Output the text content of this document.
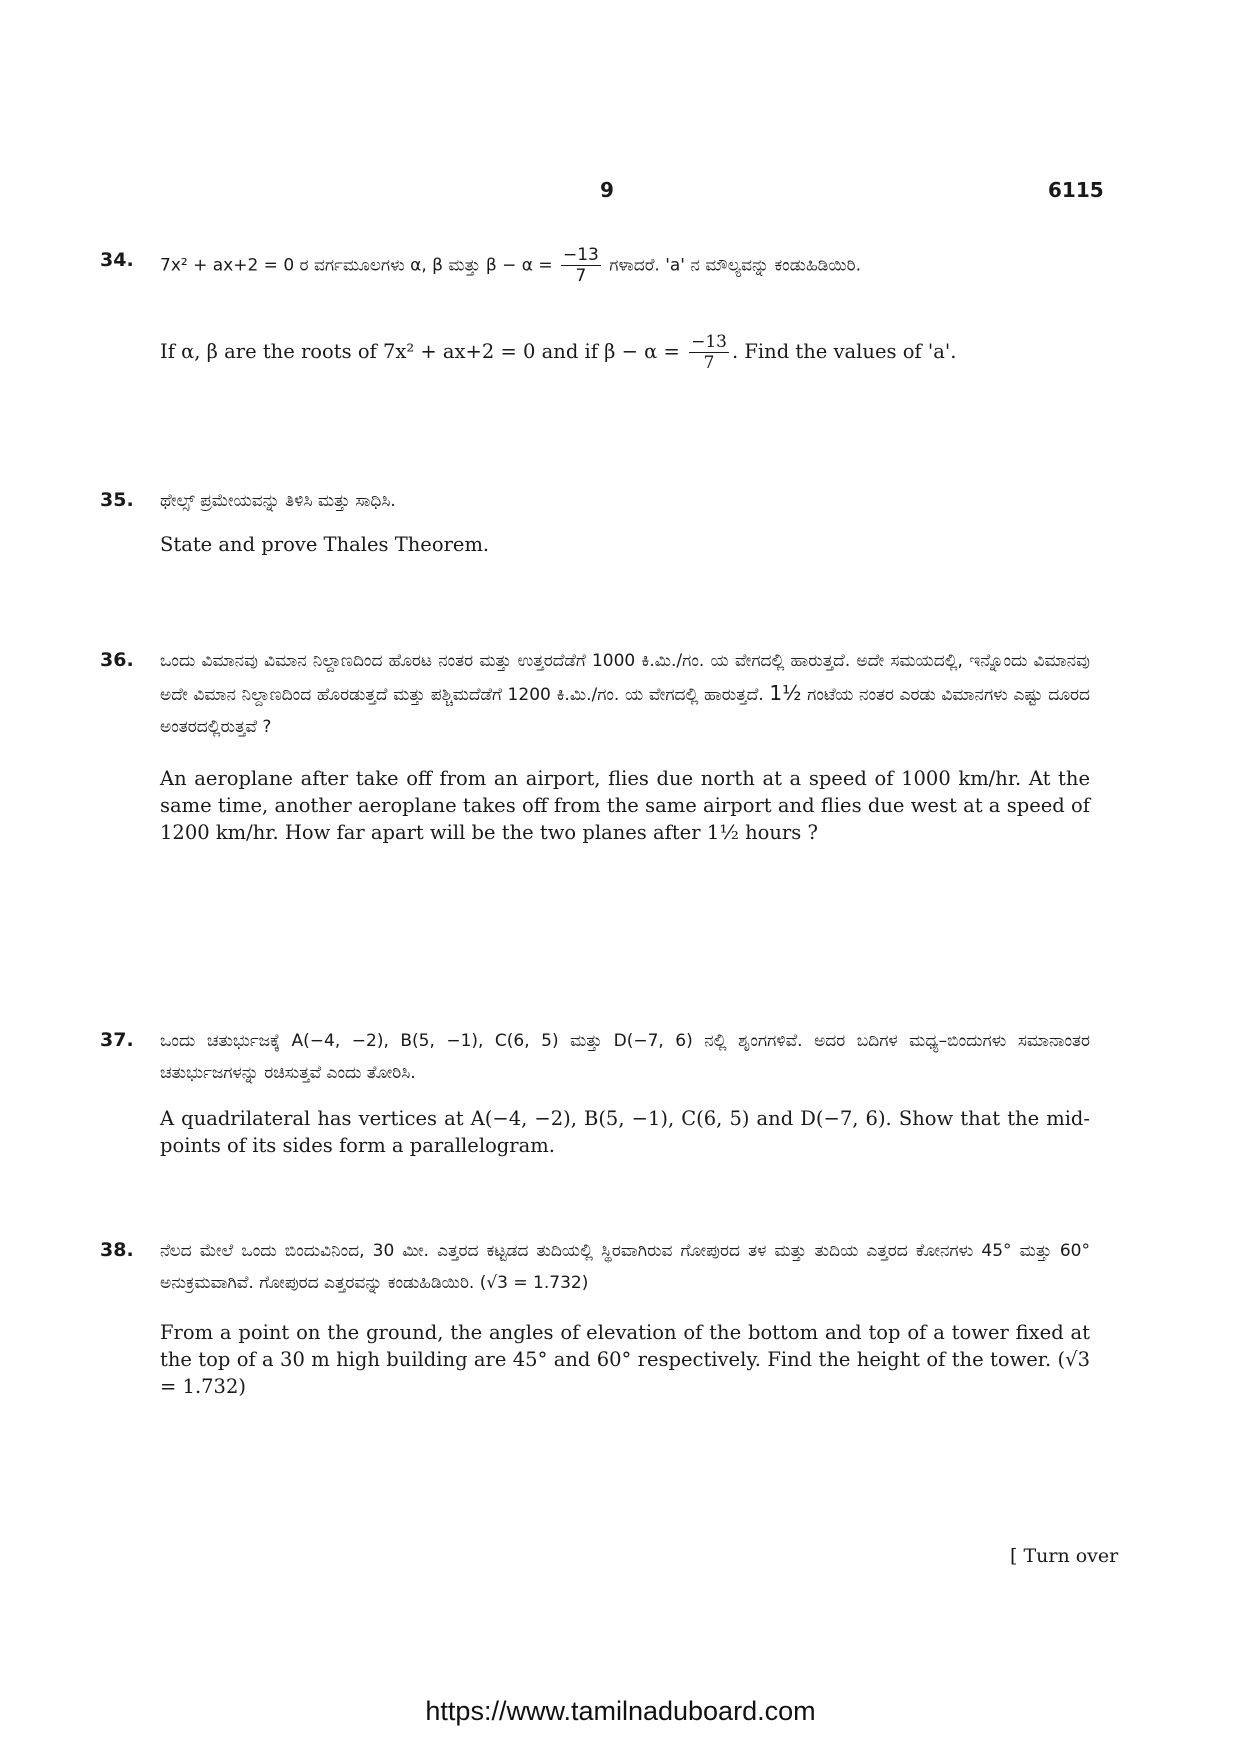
9	6115
34. 7x² + ax+2 = 0 ರ ವರ್ಗಮೂಲಗಳು α, β ಮತ್ತು $\beta - \alpha = \frac{-13}{7}$ ಗಳಾದರೆ. 'a' ನ ಮೌಲ್ಯವನ್ನು ಕಂಡುಹಿಡಿಯಿರಿ.
If α, β are the roots of 7x² + ax+2 = 0 and if $\beta - \alpha = \frac{-13}{7}$ . Find the values of 'a'.
35. ಥೇಲ್ಸ್ ಪ್ರಮೇಯವನ್ನು ತಿಳಿಸಿ ಮತ್ತು ಸಾಧಿಸಿ.
State and prove Thales Theorem.
36. ಒಂದು ವಿಮಾನವು ವಿಮಾನ ನಿಲ್ದಾಣದಿಂದ ಹೊರಟ ನಂತರ ಮತ್ತು ಉತ್ತರದೆಡೆಗೆ 1000 ಕಿ.ಮಿ./ಗಂ. ಯ ವೇಗದಲ್ಲಿ ಹಾರುತ್ತದೆ. ಅದೇ ಸಮಯದಲ್ಲಿ, ಇನ್ನೊಂದು ವಿಮಾನವು ಅದೇ ವಿಮಾನ ನಿಲ್ದಾಣದಿಂದ ಹೊರಡುತ್ತದೆ ಮತ್ತು ಪಶ್ಚಿಮದೆಡೆಗೆ 1200 ಕಿ.ಮಿ./ಗಂ. ಯ ವೇಗದಲ್ಲಿ ಹಾರುತ್ತದೆ. 1½ ಗಂಟೆಯ ನಂತರ ಎರಡು ವಿಮಾನಗಳು ಎಷ್ಟು ದೂರದ ಅಂತರದಲ್ಲಿರುತ್ತವೆ ?
An aeroplane after take off from an airport, flies due north at a speed of 1000 km/hr. At the same time, another aeroplane takes off from the same airport and flies due west at a speed of 1200 km/hr. How far apart will be the two planes after 1½ hours ?
37. ಒಂದು ಚತುರ್ಭುಜಕ್ಕೆ A(−4, −2), B(5, −1), C(6, 5) ಮತ್ತು D(−7, 6) ನಲ್ಲಿ ಶೃಂಗಗಳಿವೆ. ಅದರ ಬದಿಗಳ ಮಧ್ಯ–ಬಿಂದುಗಳು ಸಮಾನಾಂತರ ಚತುರ್ಭುಜಗಳನ್ನು ರಚಿಸುತ್ತವೆ ಎಂದು ತೋರಿಸಿ.
A quadrilateral has vertices at A(−4, −2), B(5, −1), C(6, 5) and D(−7, 6). Show that the mid-points of its sides form a parallelogram.
38. ನೆಲದ ಮೇಲೆ ಒಂದು ಬಿಂದುವಿನಿಂದ, 30 ಮೀ. ಎತ್ತರದ ಕಟ್ಟಡದ ತುದಿಯಲ್ಲಿ ಸ್ಥಿರವಾಗಿರುವ ಗೋಪುರದ ತಳ ಮತ್ತು ತುದಿಯ ಎತ್ತರದ ಕೋನಗಳು 45° ಮತ್ತು 60° ಅನುಕ್ರಮವಾಗಿವೆ. ಗೋಪುರದ ಎತ್ತರವನ್ನು ಕಂಡುಹಿಡಿಯಿರಿ. (√3 = 1.732)
From a point on the ground, the angles of elevation of the bottom and top of a tower fixed at the top of a 30 m high building are 45° and 60° respectively. Find the height of the tower. (√3 = 1.732)
[ Turn over
https://www.tamilnaduboard.com
